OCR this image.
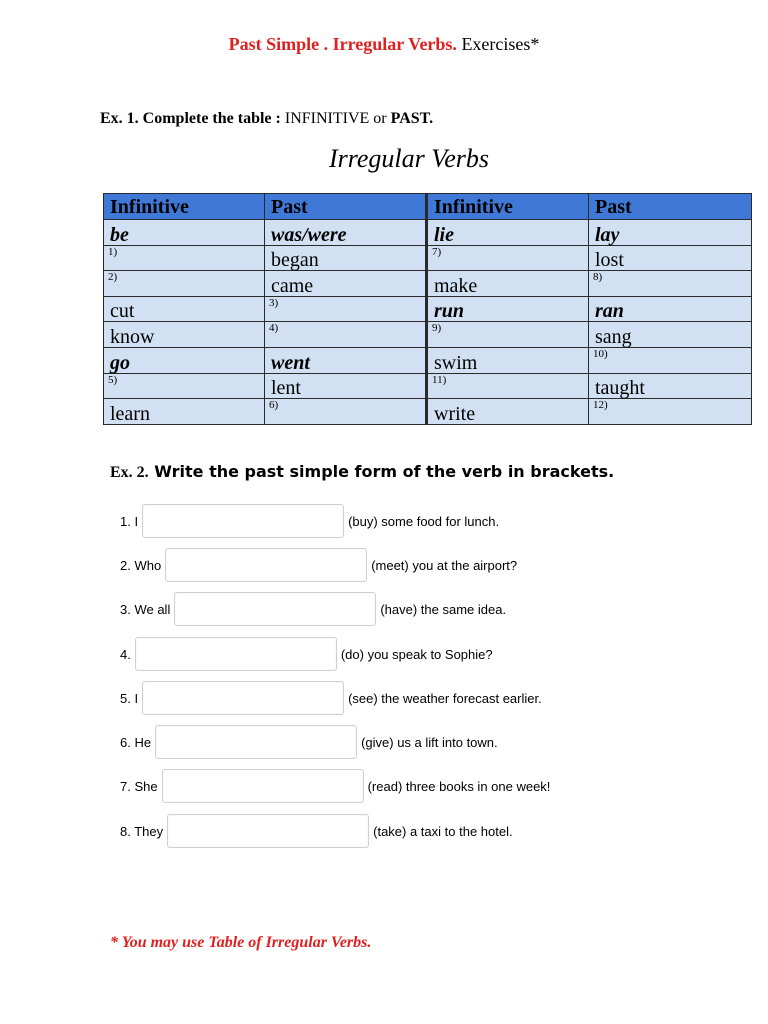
Past Simple . Irregular Verbs. Exercises*
Ex. 1. Complete the table : INFINITIVE or PAST.
Irregular Verbs
Infinitive	Past	Infinitive	Past
be	was/were	lie	lay

1)	began	7)	lost

2)	came	make	8)

cut	3)	run	ran
know	4)	9)	sang
go	went	swim	10)

5)	lent	11)	taught
learn	6)	write	12)

Ex. 2. Write the past simple form of the verb in brackets.
1. I	(buy) some food for lunch.
2. Who	(meet) you at the airport?
3. We all	(have) the same idea.
4.	(do) you speak to Sophie?
5. I	(see) the weather forecast earlier.
6. He	(give) us a lift into town.
7. She	(read) three books in one week!
8. They	(take) a taxi to the hotel.
* You may use Table of Irregular Verbs.
